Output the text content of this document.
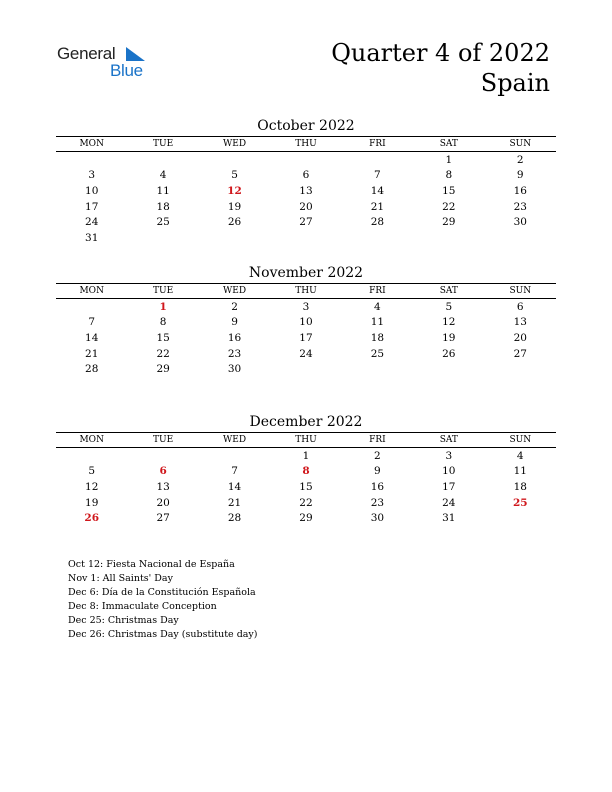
General
Blue
Quarter 4 of 2022
Spain
October 2022
MON	TUE	WED	THU	FRI	SAT	SUN
					1	2
3	4	5	6	7	8	9
10	11	12	13	14	15	16
17	18	19	20	21	22	23
24	25	26	27	28	29	30
31						
November 2022
MON	TUE	WED	THU	FRI	SAT	SUN
	1	2	3	4	5	6
7	8	9	10	11	12	13
14	15	16	17	18	19	20
21	22	23	24	25	26	27
28	29	30				
December 2022
MON	TUE	WED	THU	FRI	SAT	SUN
			1	2	3	4
5	6	7	8	9	10	11
12	13	14	15	16	17	18
19	20	21	22	23	24	25
26	27	28	29	30	31	
Oct 12: Fiesta Nacional de España
Nov 1: All Saints' Day
Dec 6: Día de la Constitución Española
Dec 8: Immaculate Conception
Dec 25: Christmas Day
Dec 26: Christmas Day (substitute day)
